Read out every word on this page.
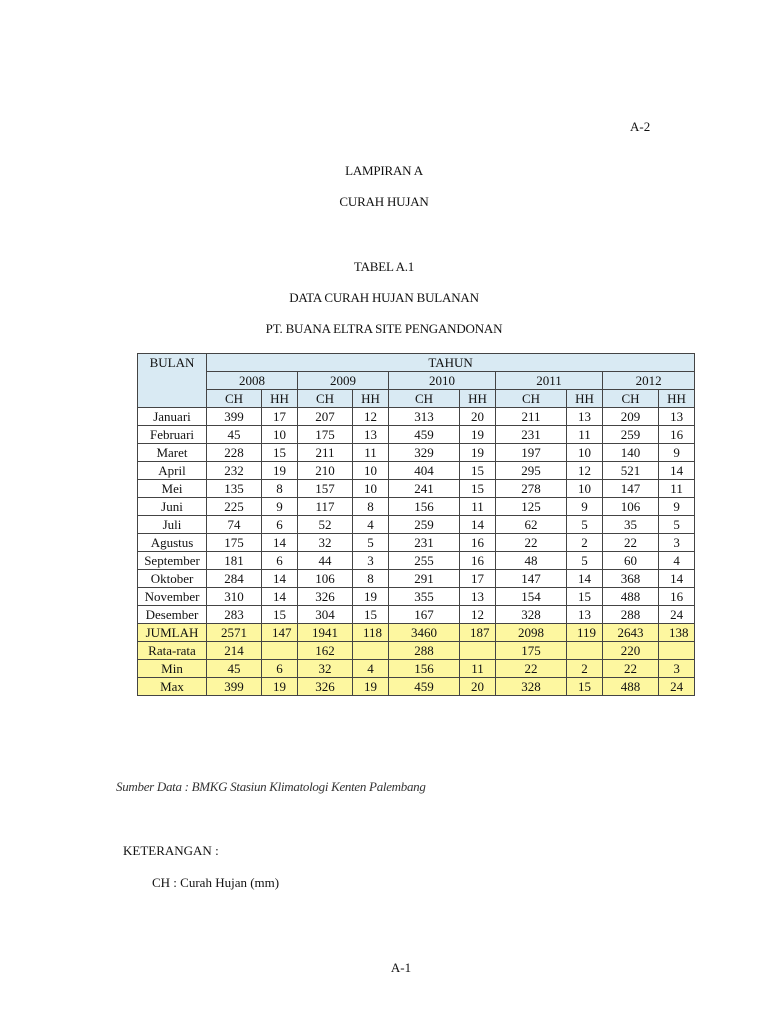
A-2
LAMPIRAN A
CURAH HUJAN
TABEL A.1
DATA CURAH HUJAN BULANAN
PT. BUANA ELTRA SITE PENGANDONAN
BULAN	TAHUN									
	2008		2009		2010		2011		2012	
	CH	HH	CH	HH	CH	HH	CH	HH	CH	HH
Januari	399	17	207	12	313	20	211	13	209	13
Februari	45	10	175	13	459	19	231	11	259	16
Maret	228	15	211	11	329	19	197	10	140	9
April	232	19	210	10	404	15	295	12	521	14
Mei	135	8	157	10	241	15	278	10	147	11
Juni	225	9	117	8	156	11	125	9	106	9
Juli	74	6	52	4	259	14	62	5	35	5
Agustus	175	14	32	5	231	16	22	2	22	3
September	181	6	44	3	255	16	48	5	60	4
Oktober	284	14	106	8	291	17	147	14	368	14
November	310	14	326	19	355	13	154	15	488	16
Desember	283	15	304	15	167	12	328	13	288	24
JUMLAH	2571	147	1941	118	3460	187	2098	119	2643	138
Rata-rata	214		162		288		175		220	
Min	45	6	32	4	156	11	22	2	22	3
Max	399	19	326	19	459	20	328	15	488	24
Sumber Data : BMKG Stasiun Klimatologi Kenten Palembang
KETERANGAN :
CH : Curah Hujan (mm)
A-1
